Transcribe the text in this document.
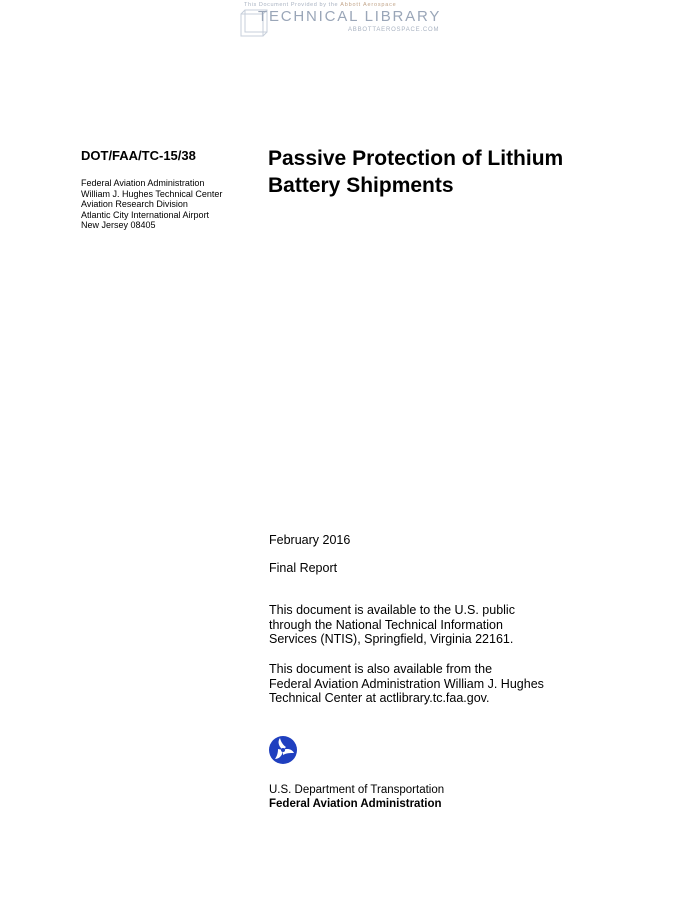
This Document Provided by the Abbott Aerospace
TECHNICAL LIBRARY
ABBOTTAEROSPACE.COM
DOT/FAA/TC-15/38
Federal Aviation Administration
William J. Hughes Technical Center
Aviation Research Division
Atlantic City International Airport
New Jersey 08405
Passive Protection of Lithium
Battery Shipments
February 2016
Final Report
This document is available to the U.S. public
through the National Technical Information
Services (NTIS), Springfield, Virginia 22161.
This document is also available from the
Federal Aviation Administration William J. Hughes
Technical Center at actlibrary.tc.faa.gov.
U.S. Department of Transportation
Federal Aviation Administration
